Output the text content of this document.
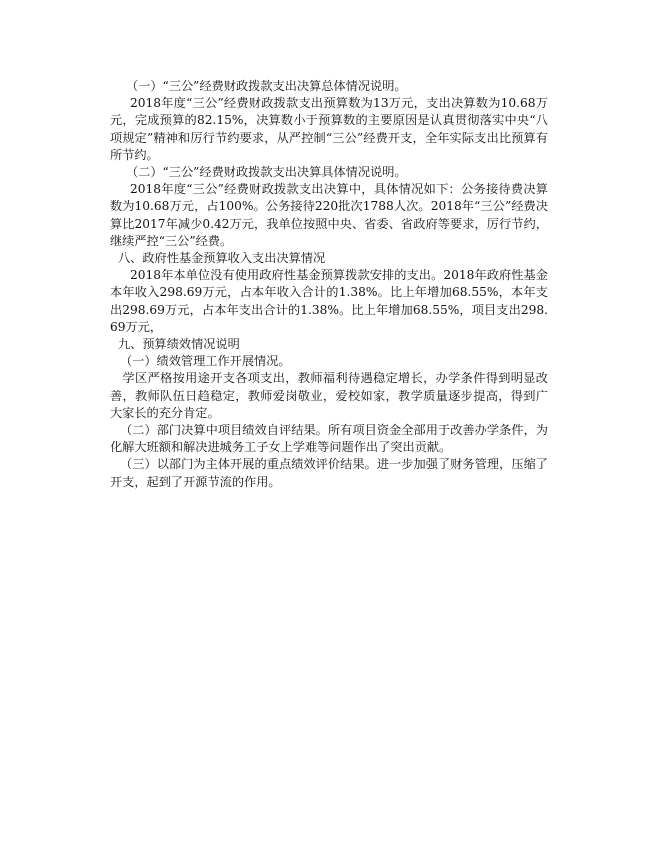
（一）“三公”经费财政拨款支出决算总体情况说明。

2018年度“三公”经费财政拨款支出预算数为13万元，支出决算数为10.68万元，完成预算的82.15%，决算数小于预算数的主要原因是认真贯彻落实中央“八项规定”精神和厉行节约要求，从严控制“三公”经费开支，全年实际支出比预算有所节约。

（二）“三公”经费财政拨款支出决算具体情况说明。

2018年度“三公”经费财政拨款支出决算中，具体情况如下：公务接待费决算数为10.68万元，占100%。公务接待220批次1788人次。2018年“三公”经费决算比2017年减少0.42万元，我单位按照中央、省委、省政府等要求，厉行节约，继续严控“三公”经费。

八、政府性基金预算收入支出决算情况

2018年本单位没有使用政府性基金预算拨款安排的支出。2018年政府性基金本年收入298.69万元，占本年收入合计的1.38%。比上年增加68.55%，本年支出298.69万元，占本年支出合计的1.38%。比上年增加68.55%，项目支出298.69万元，

九、预算绩效情况说明

（一）绩效管理工作开展情况。

　学区严格按用途开支各项支出，教师福利待遇稳定增长，办学条件得到明显改善，教师队伍日趋稳定，教师爱岗敬业，爱校如家，教学质量逐步提高，得到广大家长的充分肯定。

（二）部门决算中项目绩效自评结果。所有项目资金全部用于改善办学条件，为化解大班额和解决进城务工子女上学难等问题作出了突出贡献。

（三）以部门为主体开展的重点绩效评价结果。进一步加强了财务管理，压缩了开支，起到了开源节流的作用。
